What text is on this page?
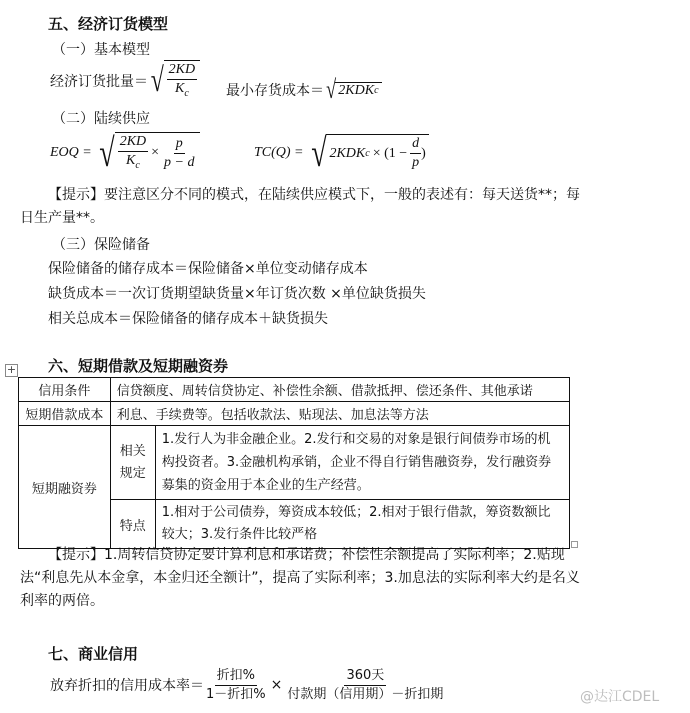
五、经济订货模型
（一）基本模型
经济订货批量＝ √ $\frac{2KD}{K_c}$ 最小存货成本＝ √ 2KDK c
（二）陆续供应
EOQ = √ $\frac{2KD}{K_c} \times \frac{p}{p - d}$	TC(Q) = √ 2KDK $c \times (1 - \frac{d}{p}$ )
【提示】要注意区分不同的模式，在陆续供应模式下，一般的表述有：每天送货**；每日生产量**。
（三）保险储备
保险储备的储存成本＝保险储备×单位变动储存成本
缺货成本＝一次订货期望缺货量×年订货次数 ×单位缺货损失
相关总成本＝保险储备的储存成本＋缺货损失
六、短期借款及短期融资券
+
信用条件	信贷额度、周转信贷协定、补偿性余额、借款抵押、偿还条件、其他承诺	
短期借款成本	利息、手续费等。包括收款法、贴现法、加息法等方法	
短期融资券	相关规定	1.发行人为非金融企业。2.发行和交易的对象是银行间债券市场的机构投资者。3.金融机构承销，企业不得自行销售融资券，发行融资券募集的资金用于本企业的生产经营。
	特点	1.相对于公司债券，筹资成本较低；2.相对于银行借款，筹资数额比较大；3.发行条件比较严格
【提示】1.周转信贷协定要计算利息和承诺费；补偿性余额提高了实际利率；2.贴现法“利息先从本金拿，本金归还全额计”，提高了实际利率；3.加息法的实际利率大约是名义利率的两倍。
七、商业信用
放弃折扣的信用成本率＝ $\frac{\text{折扣\%}}{\text{1－折扣\%}} \times \frac{\text{360天}}{\text{付款期（信用期）－折扣期}}$	@达江CDEL
